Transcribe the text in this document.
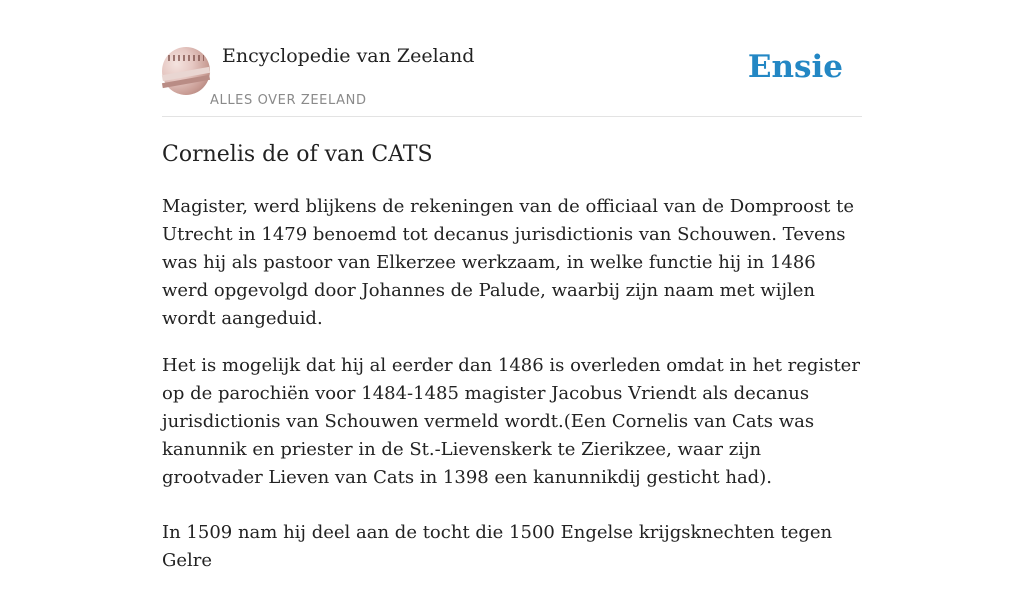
Encyclopedie van Zeeland
ALLES OVER ZEELAND
Ensie
Cornelis de of van CATS

Magister, werd blijkens de rekeningen van de officiaal van de Domproost te Utrecht in 1479 benoemd tot decanus jurisdictionis van Schouwen. Tevens was hij als pastoor van Elkerzee werkzaam, in welke functie hij in 1486 werd opgevolgd door Johannes de Palude, waarbij zijn naam met wijlen wordt aangeduid.

Het is mogelijk dat hij al eerder dan 1486 is overleden omdat in het register op de parochiën voor 1484-1485 magister Jacobus Vriendt als decanus jurisdictionis van Schouwen vermeld wordt.(Een Cornelis van Cats was kanunnik en priester in de St.-Lievenskerk te Zierikzee, waar zijn grootvader Lieven van Cats in 1398 een kanunnikdij gesticht had).

In 1509 nam hij deel aan de tocht die 1500 Engelse krijgsknechten tegen Gelre
